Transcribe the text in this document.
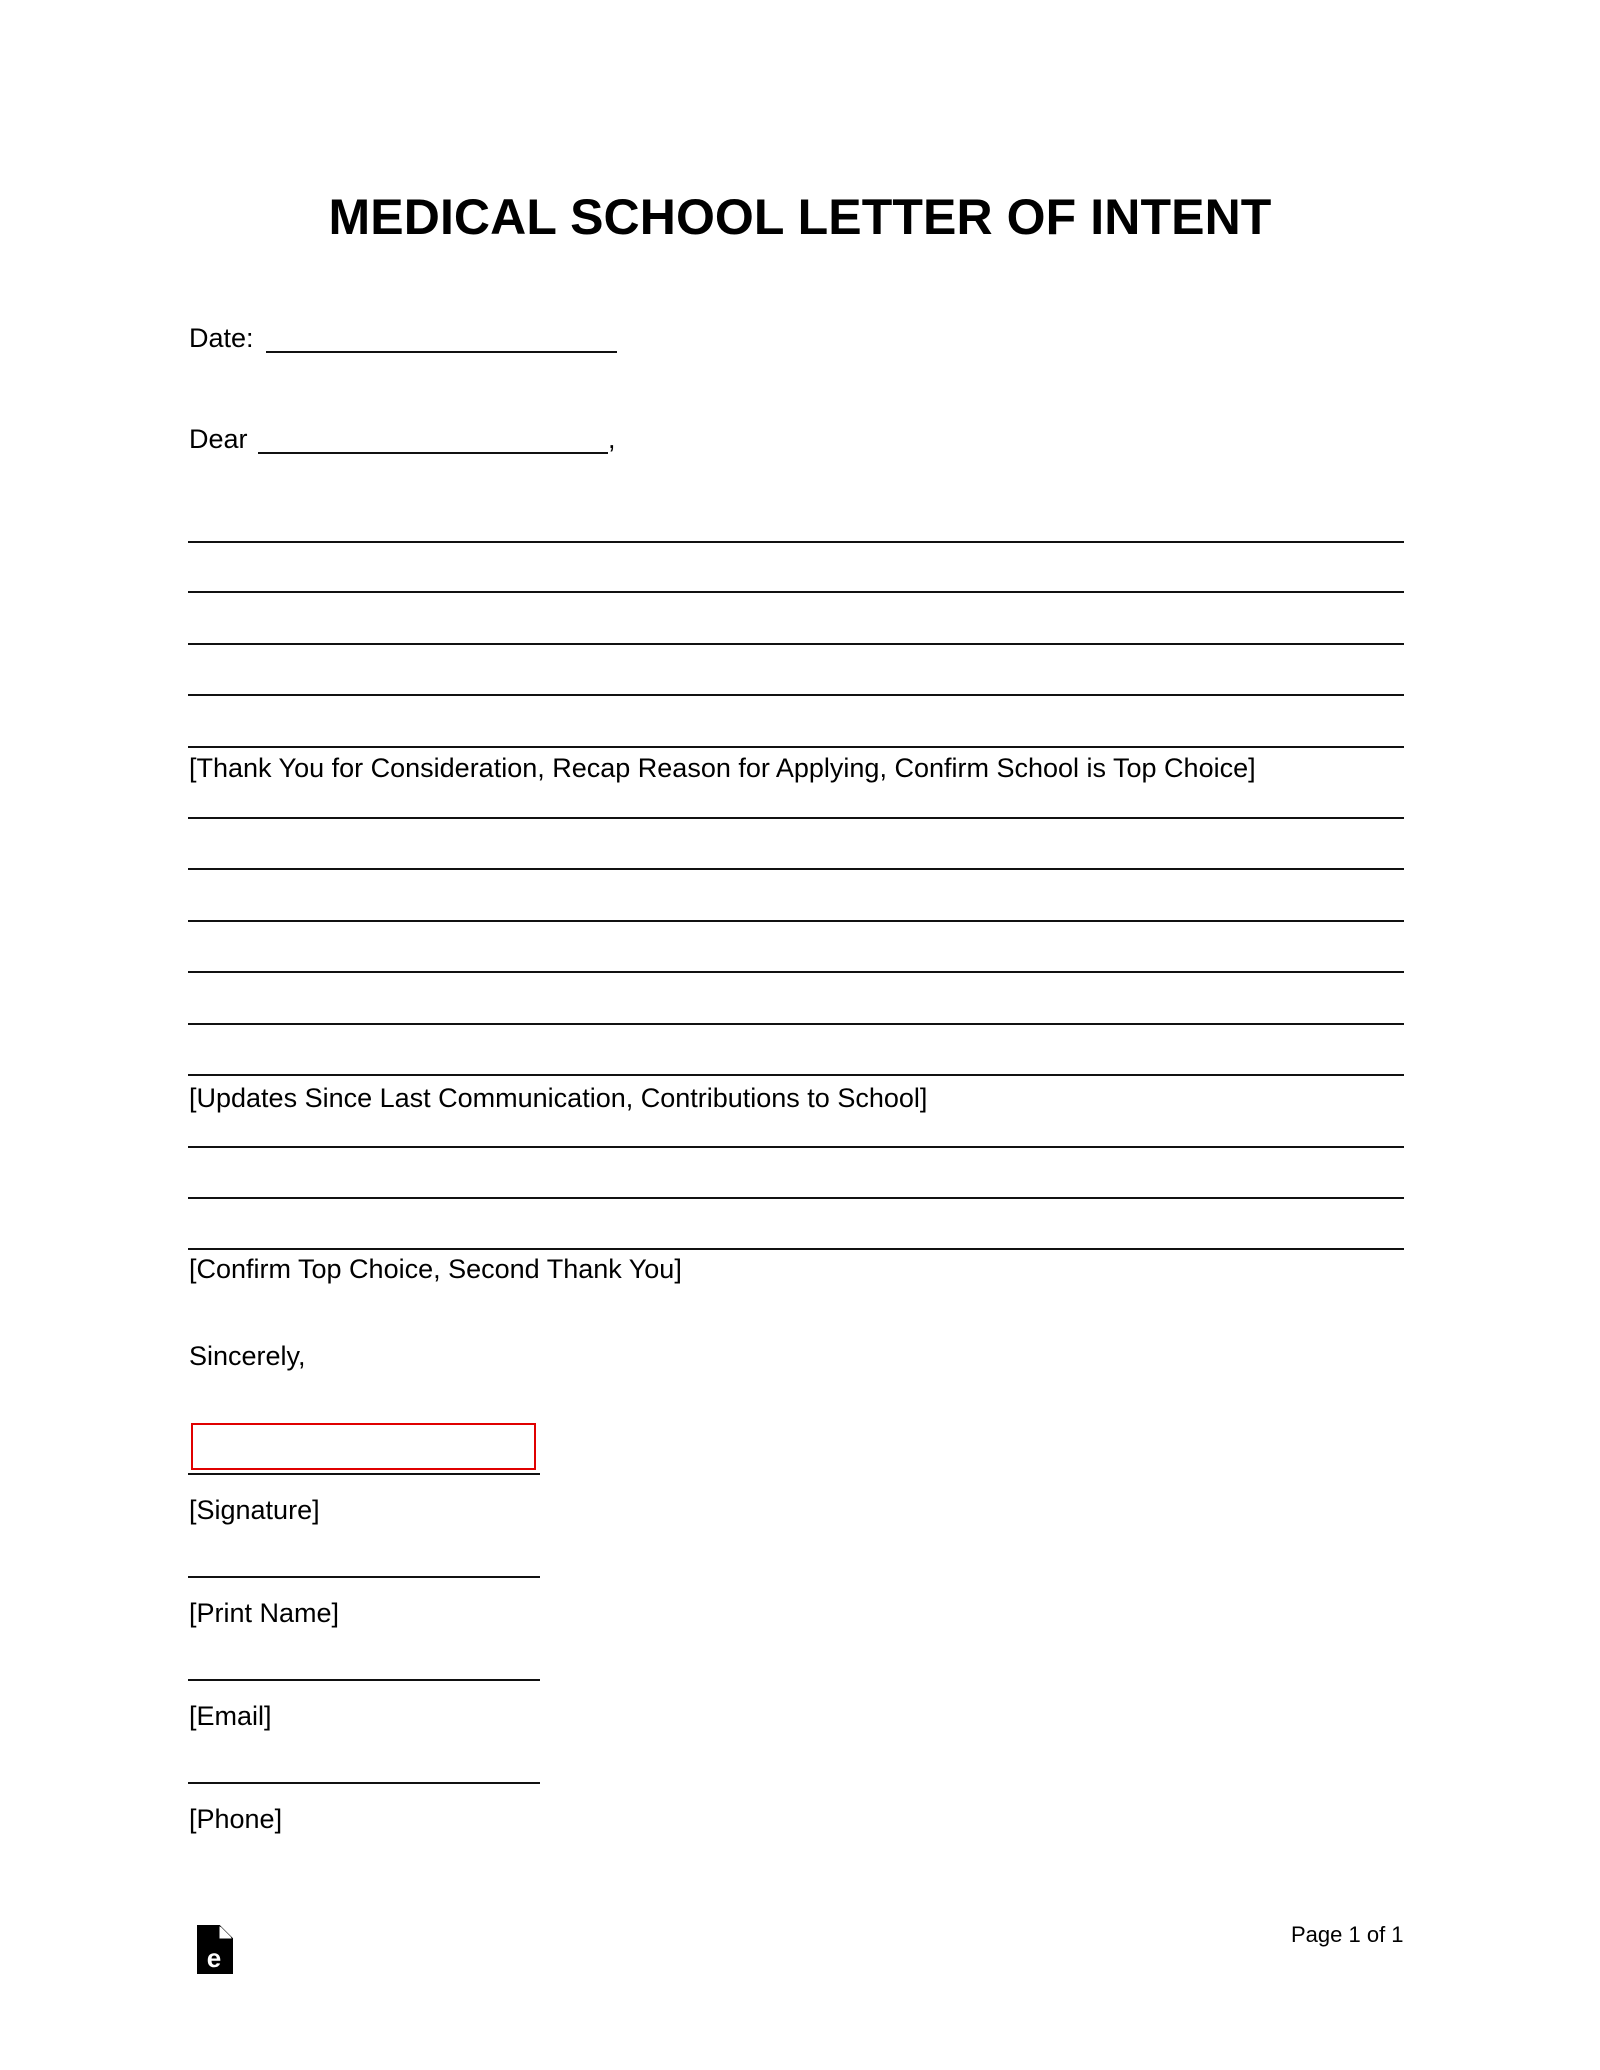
MEDICAL SCHOOL LETTER OF INTENT
Date:
Dear	,
[Thank You for Consideration, Recap Reason for Applying, Confirm School is Top Choice]
[Updates Since Last Communication, Contributions to School]
[Confirm Top Choice, Second Thank You]
Sincerely,
[Signature]
[Print Name]
[Email]
[Phone]
e
Page 1 of 1
